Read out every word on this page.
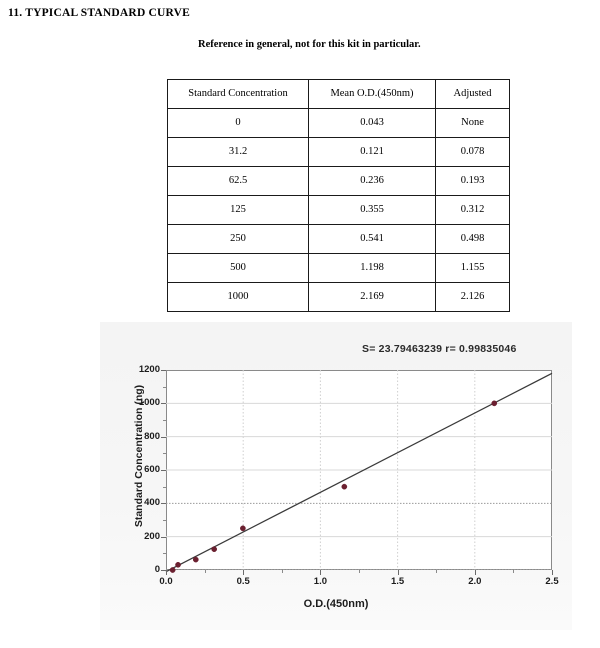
11. TYPICAL STANDARD CURVE
Reference in general, not for this kit in particular.
Standard Concentration	Mean O.D.(450nm)	Adjusted
0	0.043	None
31.2	0.121	0.078
62.5	0.236	0.193
125	0.355	0.312
250	0.541	0.498
500	1.198	1.155
1000	2.169	2.126
S= 23.79463239 r= 0.99835046
Standard Concentration (ng)
O.D.(450nm)
0
200
400
600
800
1000
1200
0.0	0.5	1.0	1.5	2.0	2.5
